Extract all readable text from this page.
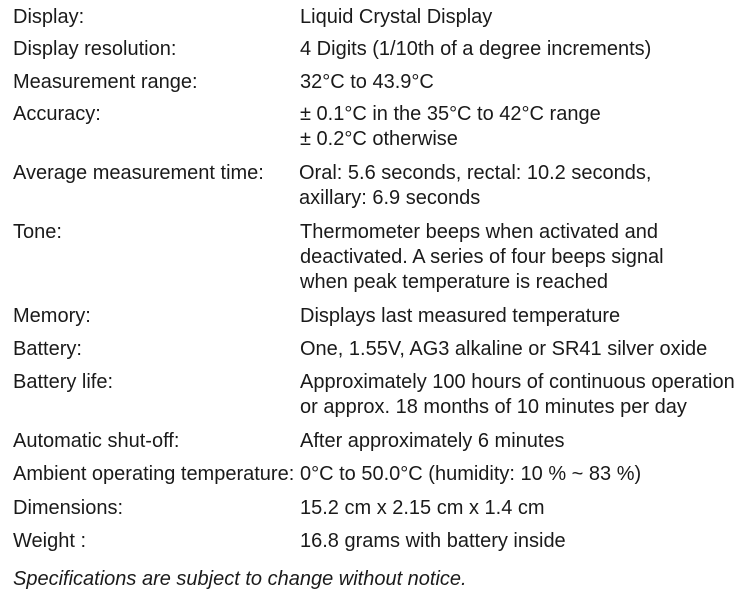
Display:	Liquid Crystal Display
Display resolution:	4 Digits (1/10th of a degree increments)
Measurement range:	32°C to 43.9°C
Accuracy:	± 0.1°C in the 35°C to 42°C range
± 0.2°C otherwise
Average measurement time:	Oral: 5.6 seconds, rectal: 10.2 seconds,
axillary: 6.9 seconds
Tone:	Thermometer beeps when activated and
deactivated. A series of four beeps signal
when peak temperature is reached
Memory:	Displays last measured temperature
Battery:	One, 1.55V, AG3 alkaline or SR41 silver oxide
Battery life:	Approximately 100 hours of continuous operation
or approx. 18 months of 10 minutes per day
Automatic shut-off:	After approximately 6 minutes
Ambient operating temperature: 0°C to 50.0°C (humidity: 10 % ~ 83 %)
Dimensions:	15.2 cm x 2.15 cm x 1.4 cm
Weight :	16.8 grams with battery inside
Specifications are subject to change without notice.
